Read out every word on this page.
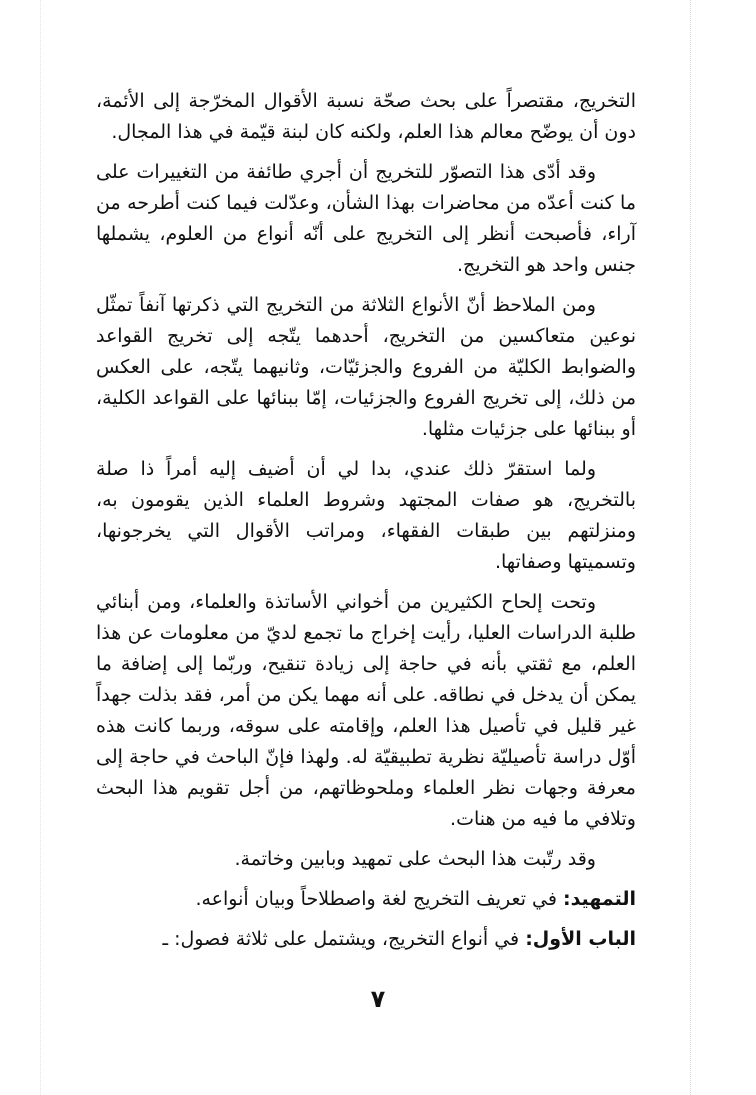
التخريج، مقتصراً على بحث صحّة نسبة الأقوال المخرّجة إلى الأئمة، دون أن يوضّح معالم هذا العلم، ولكنه كان لبنة قيّمة في هذا المجال.

وقد أدّى هذا التصوّر للتخريج أن أجري طائفة من التغييرات على ما كنت أعدّه من محاضرات بهذا الشأن، وعدّلت فيما كنت أطرحه من آراء، فأصبحت أنظر إلى التخريج على أنّه أنواع من العلوم، يشملها جنس واحد هو التخريج.

ومن الملاحظ أنّ الأنواع الثلاثة من التخريج التي ذكرتها آنفاً تمثّل نوعين متعاكسين من التخريج، أحدهما يتّجه إلى تخريج القواعد والضوابط الكليّة من الفروع والجزئيّات، وثانيهما يتّجه، على العكس من ذلك، إلى تخريج الفروع والجزئيات، إمّا ببنائها على القواعد الكلية، أو ببنائها على جزئيات مثلها.

ولما استقرّ ذلك عندي، بدا لي أن أضيف إليه أمراً ذا صلة بالتخريج، هو صفات المجتهد وشروط العلماء الذين يقومون به، ومنزلتهم بين طبقات الفقهاء، ومراتب الأقوال التي يخرجونها، وتسميتها وصفاتها.

وتحت إلحاح الكثيرين من أخواني الأساتذة والعلماء، ومن أبنائي طلبة الدراسات العليا، رأيت إخراج ما تجمع لديّ من معلومات عن هذا العلم، مع ثقتي بأنه في حاجة إلى زيادة تنقيح، وربّما إلى إضافة ما يمكن أن يدخل في نطاقه. على أنه مهما يكن من أمر، فقد بذلت جهداً غير قليل في تأصيل هذا العلم، وإقامته على سوقه، وربما كانت هذه أوّل دراسة تأصيليّة نظرية تطبيقيّة له. ولهذا فإنّ الباحث في حاجة إلى معرفة وجهات نظر العلماء وملحوظاتهم، من أجل تقويم هذا البحث وتلافي ما فيه من هنات.

وقد رتّبت هذا البحث على تمهيد وبابين وخاتمة.

التمهيد: في تعريف التخريج لغة واصطلاحاً وبيان أنواعه.

الباب الأول: في أنواع التخريج، ويشتمل على ثلاثة فصول: ـ

٧
